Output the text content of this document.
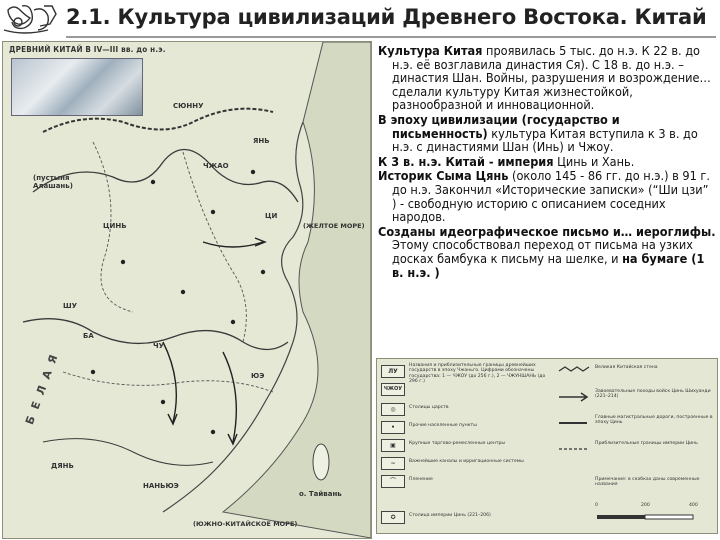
2.1. Культура цивилизаций Древнего Востока. Китай
ДРЕВНИЙ КИТАЙ В IV—III вв. до н.э.
(пустыня
Алашань)
(ЖЕЛТОЕ МОРЕ)
(ЮЖНО-КИТАЙСКОЕ МОРЕ)
о. Тайвань
ЧУ
ЦИНЬ
ЧЖАО
ЦИ
ЯНЬ
ДЯНЬ
ЮЭ
БА
ШУ
НАНЬЮЭ
СЮННУ
Б Е Л А Я

Культура Китая проявилась 5 тыс. до н.э. К 22 в. до н.э. её возглавила династия Ся). С 18 в. до н.э. – династия Шан. Войны, разрушения и возрождение… сделали культуру Китая жизнестойкой, разнообразной и инновационной.

В эпоху цивилизации (государство и письменность) культура Китая вступила к 3 в. до н.э. с династиями Шан (Инь) и Чжоу.

К 3 в. н.э. Китай - империя Цинь и Хань.

Историк Сыма Цянь (около 145 - 86 гг. до н.э.) в 91 г. до н.э. Закончил «Исторические записки» (“Ши цзи” ) - свободную историю с описанием соседних народов.

Созданы идеографическое письмо и… иероглифы. Этому способствовал переход от письма на узких досках бамбука к письму на шелке, и на бумаге (1 в. н.э. )

ЛУ
ЧЖОУ
◎
•
▣
~
⌒
✪
Названия и приблизительные границы древнейших государств в эпоху Чжаньго. Цифрами обозначены государства: 1 — ЧЖОУ (до 256 г.), 2 — ЧЖУНШАНЬ (до 296 г.)
Столицы царств
Прочие населенные пункты
Крупные торгово-ремесленные центры
Важнейшие каналы и ирригационные системы
Пленение
Столица империи Цинь (221–206)
Великая Китайская стена
Завоевательные походы войск Цинь Шихуанди (221–214)
Главные магистральные дороги, построенные в эпоху Цинь
Приблизительные границы империи Цинь
Примечание: в скобках даны современные названия
0	200	400
